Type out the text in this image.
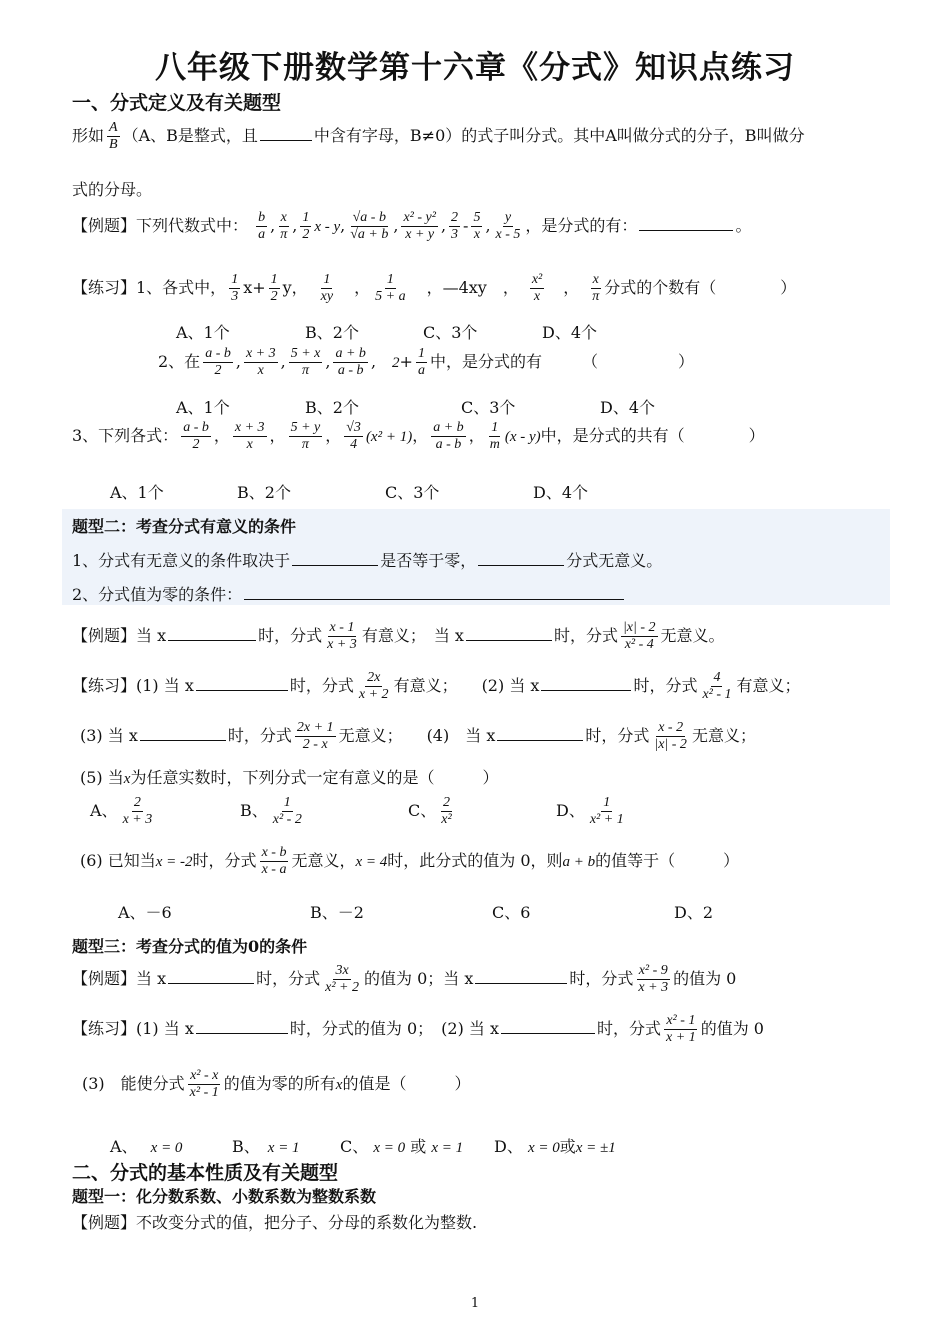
八年级下册数学第十六章《分式》知识点练习
一、分式定义及有关题型
形如 $\frac{A}{B} (A$、B是整式，且	中含有字母，B≠0）的式子叫分式。其中A叫做分式的分子，B叫做分
式的分母。
【例题】下列代数式中： $\frac{b}{a}$ , $\frac{x}{\pi}$ , $\frac{1}{2}$ x - y, $\frac{√a - b}{√a + b}$ , $\frac{\text{x² - y²}}{x + y}$ , $\frac{2}{3} - \frac{5}{x}$ , $\frac{y}{x - 5}$ ，是分式的有：	。
【练习】1、各式中， $\frac{1}{3} x+ \frac{1}{2}$ y，　 $\frac{1}{xy}$ 　， $\frac{1}{5 + a}$ 　，—4xy　，　 $\frac{\text{x²}}{x}$ 　，　 $\frac{x}{\pi}$ 分式的个数有（　　　　）
A、1个	B、2个	C、3个	D、4个
2、在 $\frac{a - b}{2}$ , $\frac{x + 3}{x}$ , $\frac{5 + x}{\pi}$ , $\frac{a + b}{a - b}$ ,　$2+ \frac{1}{a}$ 中，是分式的有　　　（　　　　　）
A、1个	B、2个	C、3个	D、4个
3、下列各式： $\frac{a - b}{2}$ ， $\frac{x + 3}{x}$ ， $\frac{5 + y}{\pi}$ ， $\frac{√3}{4} (x^2 + 1)$， $\frac{a + b}{a - b}$ ， $\frac{1}{m} (x - y)$中，是分式的共有（　　　　）
A、1个	B、2个	C、3个	D、4个
题型二：考查分式有意义的条件
1、分式有无意义的条件取决于	是否等于零，	分式无意义。
2、分式值为零的条件：
【例题】当 x	时，分式 $\frac{x - 1}{x + 3}$ 有意义；　当 x	时，分式 $\frac{|x| - 2}{\text{x² - 4}}$ 无意义。
【练习】(1) 当 x	时，分式 $\frac{2x}{x + 2}$ 有意义；　　(2) 当 x	时，分式 $\frac{4}{\text{x² - 1}}$ 有意义；
(3) 当 x	时，分式 $\frac{2x + 1}{2 - x}$ 无意义；　　(4)　当 x	时，分式 $\frac{x - 2}{|x| - 2}$ 无意义；
(5) 当x为任意实数时，下列分式一定有意义的是（　　　）
A、 $\frac{2}{x + 3}$	B、 $\frac{1}{\text{x² - 2}}$	C、 $\frac{2}{\text{x²}}$	D、 $\frac{1}{\text{x² + 1}}$
(6) 已知当x = -2时，分式 $\frac{x - b}{x - a}$ 无意义，x = 4时，此分式的值为 0，则a + b的值等于（　　　）
A、－6	B、－2	C、6	D、2
题型三：考查分式的值为0的条件
【例题】当 x	时，分式 $\frac{3x}{\text{x² + 2}}$ 的值为 0；当 x	时，分式 $\frac{\text{x² - 9}}{x + 3}$ 的值为 0
【练习】(1) 当 x	时，分式的值为 0；　(2) 当 x	时，分式 $\frac{\text{x² - 1}}{x + 1}$ 的值为 0
(3)　能使分式 $\frac{\text{x² - x}}{\text{x² - 1}}$ 的值为零的所有x的值是（　　　）
A、　 x = 0	B、　 x = 1	C、 x = 0 或 x = 1 D、 x = 0或x = ±1
二、分式的基本性质及有关题型
题型一：化分数系数、小数系数为整数系数
【例题】不改变分式的值，把分子、分母的系数化为整数.
1
